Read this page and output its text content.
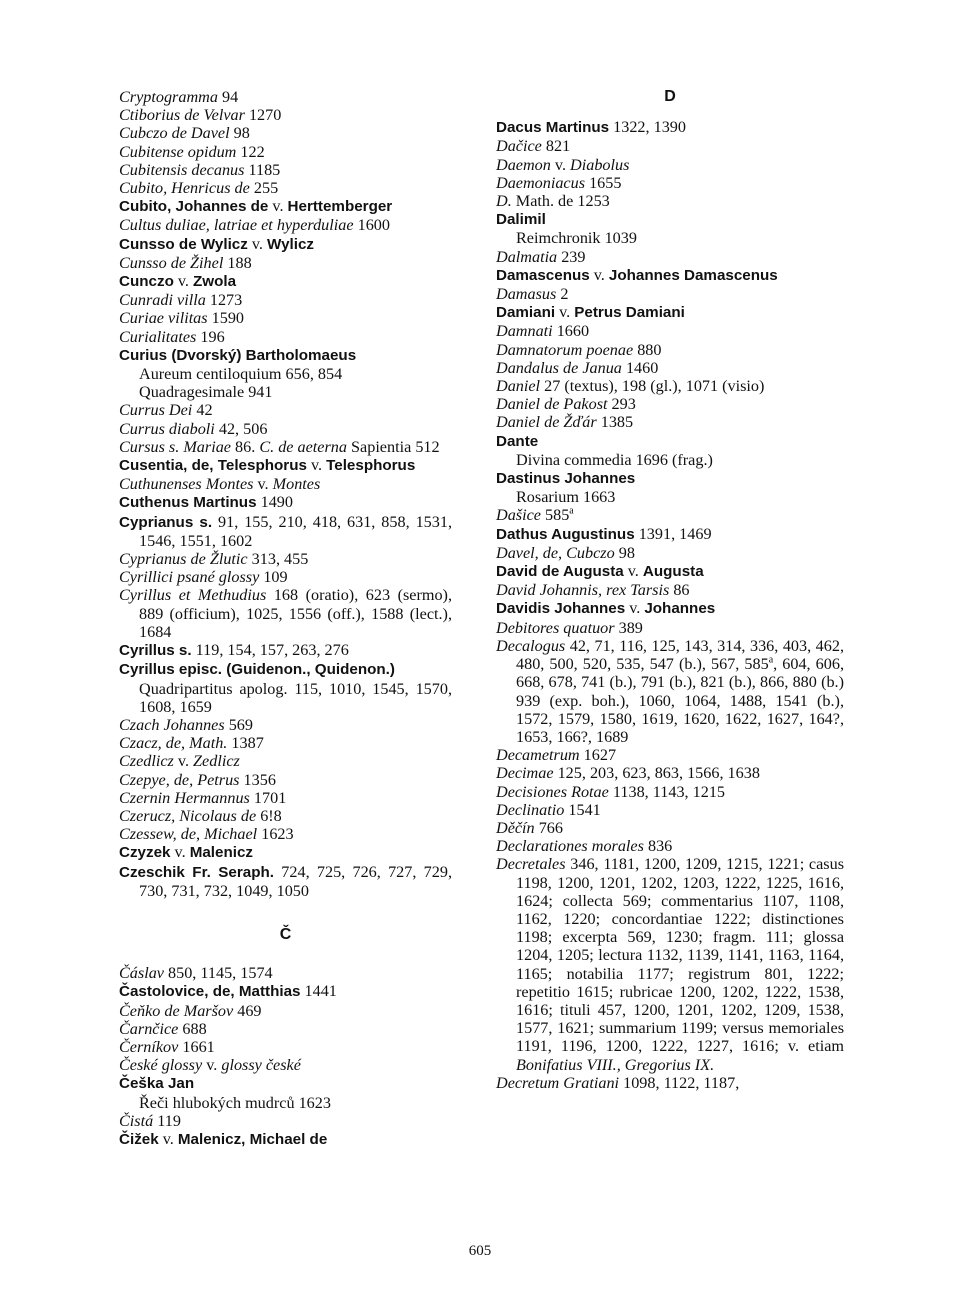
Cryptogramma 94
Ctiborius de Velvar 1270
Cubczo de Davel 98
Cubitense opidum 122
Cubitensis decanus 1185
Cubito, Henricus de 255
Cubito, Johannes de v. Herttemberger
Cultus duliae, latriae et hyperduliae 1600
Cunsso de Wylicz v. Wylicz
Cunsso de Žihel 188
Cunczo v. Zwola
Cunradi villa 1273
Curiae vilitas 1590
Curialitates 196
Curius (Dvorský) Bartholomaeus
Aureum centiloquium 656, 854
Quadragesimale 941
Currus Dei 42
Currus diaboli 42, 506
Cursus s. Mariae 86. C. de aeterna Sapientia 512
Cusentia, de, Telesphorus v. Telesphorus
Cuthunenses Montes v. Montes
Cuthenus Martinus 1490
Cyprianus s. 91, 155, 210, 418, 631, 858, 1531, 1546, 1551, 1602
Cyprianus de Žlutic 313, 455
Cyrillici psané glossy 109
Cyrillus et Methudius 168 (oratio), 623 (sermo), 889 (officium), 1025, 1556 (off.), 1588 (lect.), 1684
Cyrillus s. 119, 154, 157, 263, 276
Cyrillus episc. (Guidenon., Quidenon.)
Quadripartitus apolog. 115, 1010, 1545, 1570, 1608, 1659
Czach Johannes 569
Czacz, de, Math. 1387
Czedlicz v. Zedlicz
Czepye, de, Petrus 1356
Czernin Hermannus 1701
Czerucz, Nicolaus de 6!8
Czessew, de, Michael 1623
Czyzek v. Malenicz
Czeschik Fr. Seraph. 724, 725, 726, 727, 729, 730, 731, 732, 1049, 1050
Č
Čáslav 850, 1145, 1574
Častolovice, de, Matthias 1441
Čeňko de Maršov 469
Čarnčice 688
Černíkov 1661
České glossy v. glossy české
Češka Jan
Řeči hlubokých mudrců 1623
Čistá 119
Čižek v. Malenicz, Michael de
D
Dacus Martinus 1322, 1390
Dačice 821
Daemon v. Diabolus
Daemoniacus 1655
D. Math. de 1253
Dalimil
Reimchronik 1039
Dalmatia 239
Damascenus v. Johannes Damascenus
Damasus 2
Damiani v. Petrus Damiani
Damnati 1660
Damnatorum poenae 880
Dandalus de Janua 1460
Daniel 27 (textus), 198 (gl.), 1071 (visio)
Daniel de Pakost 293
Daniel de Žďár 1385
Dante
Divina commedia 1696 (frag.)
Dastinus Johannes
Rosarium 1663
Dašice 585$^a$
Dathus Augustinus 1391, 1469
Davel, de, Cubczo 98
David de Augusta v. Augusta
David Johannis, rex Tarsis 86
Davidis Johannes v. Johannes
Debitores quatuor 389
Decalogus 42, 71, 116, 125, 143, 314, 336, 403, 462, 480, 500, 520, 535, 547 (b.), 567, 585$^a$, 604, 606, 668, 678, 741 (b.), 791 (b.), 821 (b.), 866, 880 (b.) 939 (exp. boh.), 1060, 1064, 1488, 1541 (b.), 1572, 1579, 1580, 1619, 1620, 1622, 1627, 164?, 1653, 166?, 1689
Decametrum 1627
Decimae 125, 203, 623, 863, 1566, 1638
Decisiones Rotae 1138, 1143, 1215
Declinatio 1541
Děčín 766
Declarationes morales 836
Decretales 346, 1181, 1200, 1209, 1215, 1221; casus 1198, 1200, 1201, 1202, 1203, 1222, 1225, 1616, 1624; collecta 569; commentarius 1107, 1108, 1162, 1220; concordantiae 1222; distinctiones 1198; excerpta 569, 1230; fragm. 111; glossa 1204, 1205; lectura 1132, 1139, 1141, 1163, 1164, 1165; notabilia 1177; registrum 801, 1222; repetitio 1615; rubricae 1200, 1202, 1222, 1538, 1616; tituli 457, 1200, 1201, 1202, 1209, 1538, 1577, 1621; summarium 1199; versus memoriales 1191, 1196, 1200, 1222, 1227, 1616; v. etiam Bonifatius VIII., Gregorius IX.
Decretum Gratiani 1098, 1122, 1187,
605
